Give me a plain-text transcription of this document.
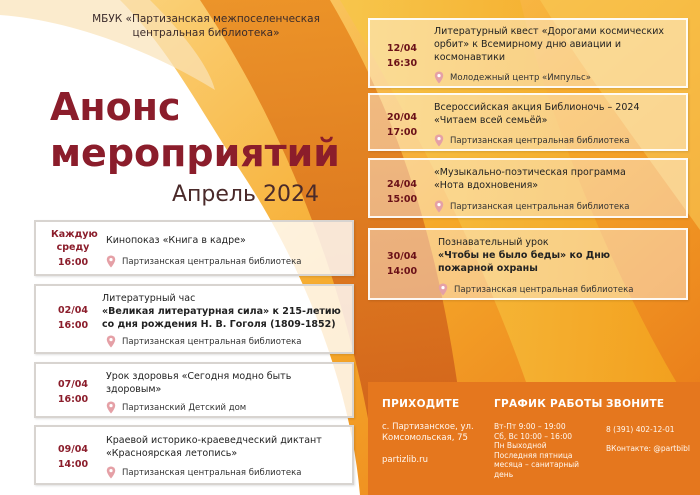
МБУК «Партизанская межпоселенческая центральная библиотека»
Анонс
мероприятий
Апрель 2024
Каждую среду
16:00
Кинопоказ «Книга в кадре»
Партизанская центральная библиотека
02/04
16:00
Литературный час
«Великая литературная сила» к 215-летию со дня рождения Н. В. Гоголя (1809-1852)
Партизанская центральная библиотека
07/04
16:00
Урок здоровья «Сегодня модно быть здоровым»
Партизанский Детский дом
09/04
14:00
Краевой историко-краеведческий диктант «Красноярская летопись»
Партизанская центральная библиотека
12/04
16:30
Литературный квест «Дорогами космических орбит» к Всемирному дню авиации и космонавтики
Молодежный центр «Импульс»
20/04
17:00
Всероссийская акция Библионочь – 2024 «Читаем всей семьёй»
Партизанская центральная библиотека
24/04
15:00
«Музыкально-поэтическая программа «Нота вдохновения»
Партизанская центральная библиотека
30/04
14:00
Познавательный урок
«Чтобы не было беды» ко Дню пожарной охраны
Партизанская центральная библиотека
ПРИХОДИТЕ
с. Партизанское, ул. Комсомольская, 75
partizlib.ru
ГРАФИК РАБОТЫ
Вт-Пт 9:00 – 19:00
Сб, Вс 10:00 – 16:00
Пн Выходной
Последняя пятница месяца – санитарный день
ЗВОНИТЕ
8 (391) 402-12-01
ВКонтакте: @partbibl
